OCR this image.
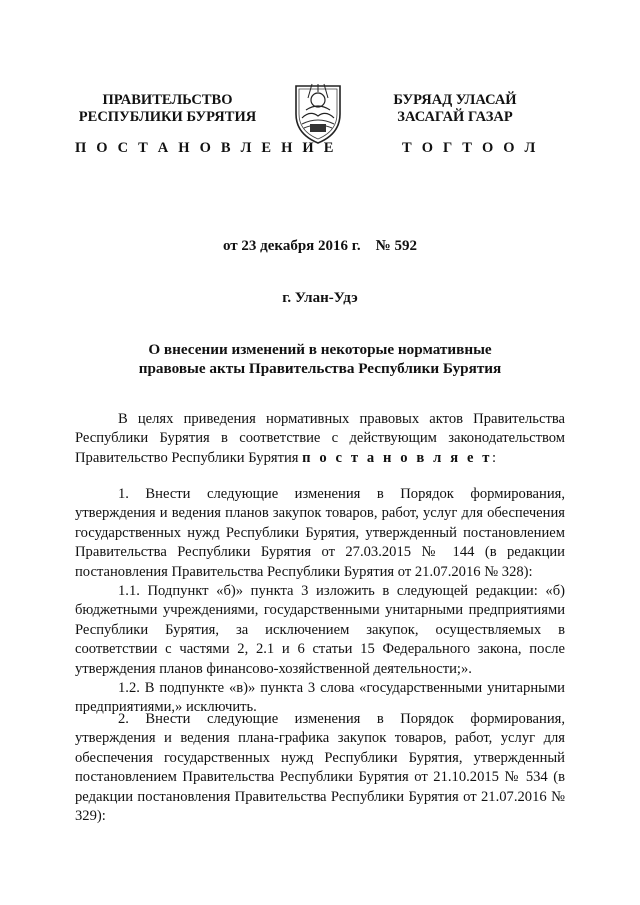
ПРАВИТЕЛЬСТВО
РЕСПУБЛИКИ БУРЯТИЯ
БУРЯАД УЛАСАЙ
ЗАСАГАЙ ГАЗАР
П О С Т А Н О В Л Е Н И Е	Т О Г Т О О Л
от 23 декабря 2016 г.    № 592
г. Улан-Удэ
О внесении изменений в некоторые нормативные
правовые акты Правительства Республики Бурятия

В целях приведения нормативных правовых актов Правительства Республики Бурятия в соответствие с действующим законодательством Правительство Республики Бурятия п о с т а н о в л я е т:

1. Внести следующие изменения в Порядок формирования, утверждения и ведения планов закупок товаров, работ, услуг для обеспечения государственных нужд Республики Бурятия, утвержденный постановлением Правительства Республики Бурятия от 27.03.2015 № 144 (в редакции постановления Правительства Республики Бурятия от 21.07.2016 № 328):

1.1. Подпункт «б)» пункта 3 изложить в следующей редакции: «б) бюджетными учреждениями, государственными унитарными предприятиями Республики Бурятия, за исключением закупок, осуществляемых в соответствии с частями 2, 2.1 и 6 статьи 15 Федерального закона, после утверждения планов финансово-хозяйственной деятельности;».

1.2. В подпункте «в)» пункта 3 слова «государственными унитарными предприятиями,» исключить.

2. Внести следующие изменения в Порядок формирования, утверждения и ведения плана-графика закупок товаров, работ, услуг для обеспечения государственных нужд Республики Бурятия, утвержденный постановлением Правительства Республики Бурятия от 21.10.2015 № 534 (в редакции постановления Правительства Республики Бурятия от 21.07.2016 № 329):
